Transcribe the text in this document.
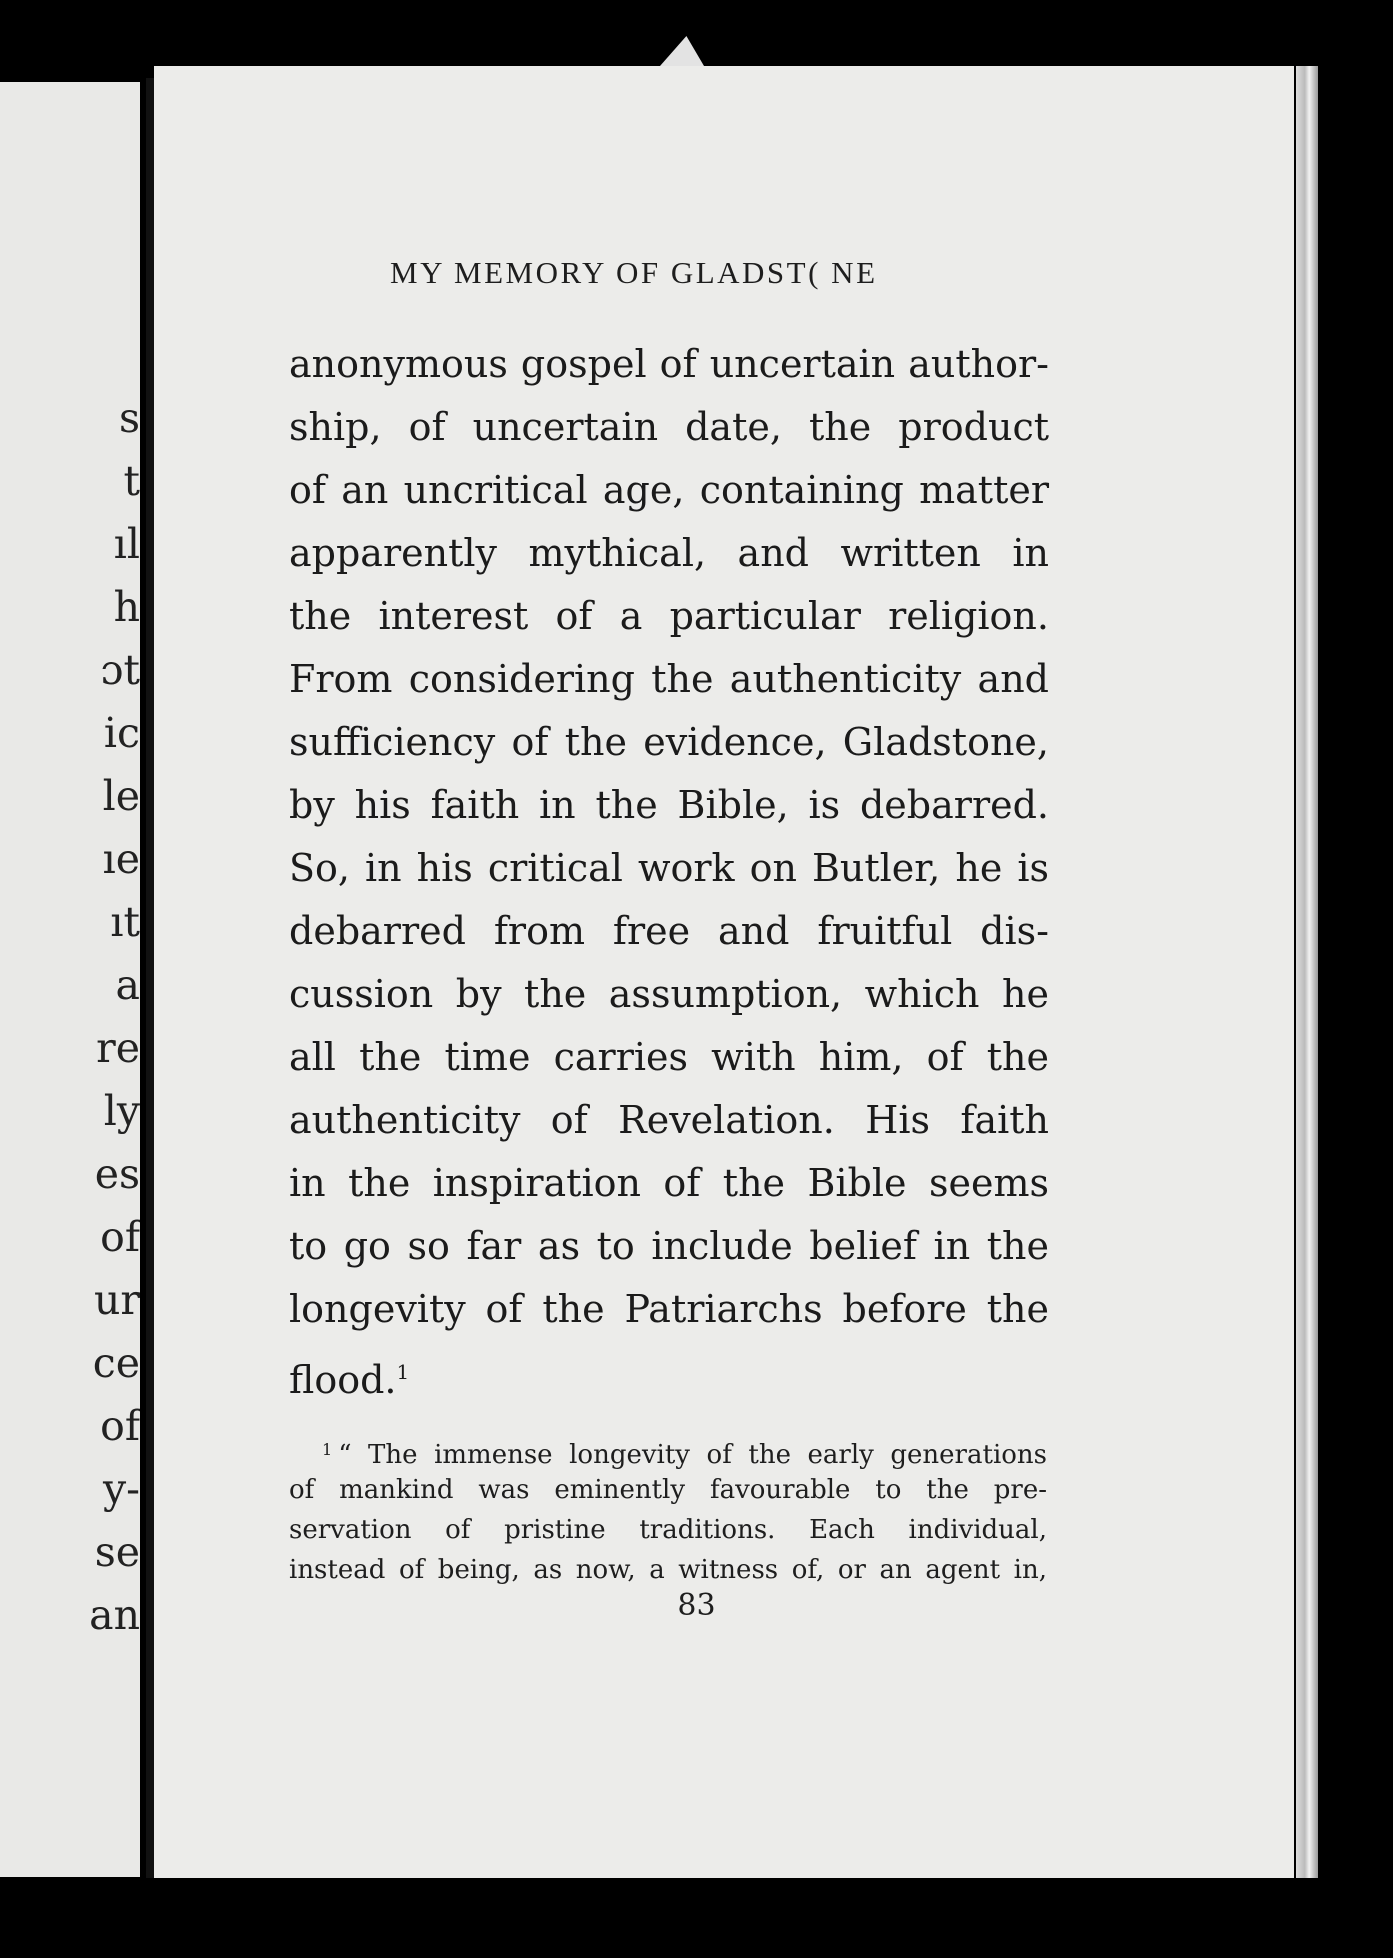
s
t
ıl
h
ɔt
ic
le
ıe
ıt
a
re
ly
es
of
ur
ce
of
y-
se
an
MY MEMORY OF GLADST( NE
anonymous gospel of uncertain author-
ship, of uncertain date, the product
of an uncritical age, containing matter
apparently mythical, and written in
the interest of a particular religion.
From considering the authenticity and
sufficiency of the evidence, Gladstone,
by his faith in the Bible, is debarred.
So, in his critical work on Butler, he is
debarred from free and fruitful dis-
cussion by the assumption, which he
all the time carries with him, of the
authenticity of Revelation. His faith
in the inspiration of the Bible seems
to go so far as to include belief in the
longevity of the Patriarchs before the
flood.$^1$
$^1$ “ The immense longevity of the early generations
of mankind was eminently favourable to the pre-
servation of pristine traditions. Each individual,
instead of being, as now, a witness of, or an agent in,
83
